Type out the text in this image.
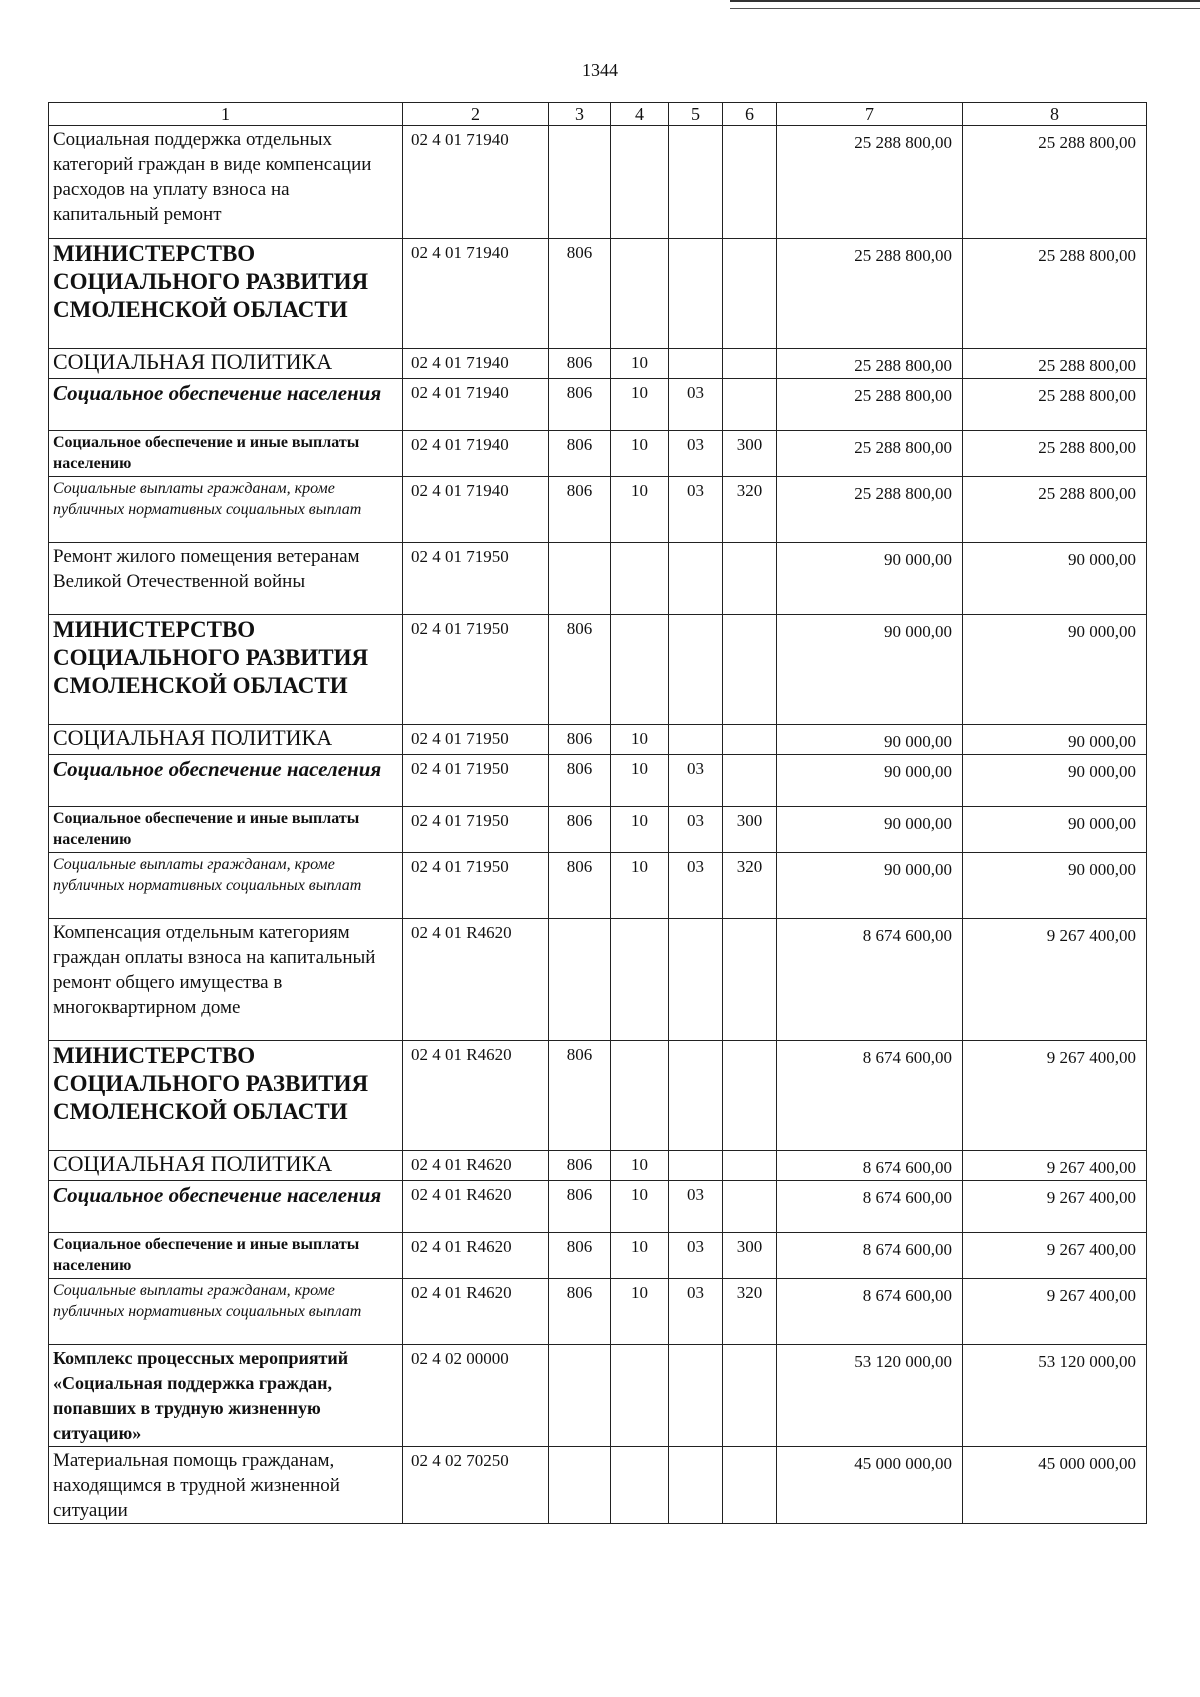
1344
1	2	3	4	5	6	7	8
Социальная поддержка отдельных категорий граждан в виде компенсации расходов на уплату взноса на капитальный ремонт	02 4 01 71940					25 288 800,00	25 288 800,00
МИНИСТЕРСТВО СОЦИАЛЬНОГО РАЗВИТИЯ СМОЛЕНСКОЙ ОБЛАСТИ	02 4 01 71940	806				25 288 800,00	25 288 800,00
СОЦИАЛЬНАЯ ПОЛИТИКА	02 4 01 71940	806	10			25 288 800,00	25 288 800,00
Социальное обеспечение населения	02 4 01 71940	806	10	03		25 288 800,00	25 288 800,00
Социальное обеспечение и иные выплаты населению	02 4 01 71940	806	10	03	300	25 288 800,00	25 288 800,00
Социальные выплаты гражданам, кроме публичных нормативных социальных выплат	02 4 01 71940	806	10	03	320	25 288 800,00	25 288 800,00
Ремонт жилого помещения ветеранам Великой Отечественной войны	02 4 01 71950					90 000,00	90 000,00
МИНИСТЕРСТВО СОЦИАЛЬНОГО РАЗВИТИЯ СМОЛЕНСКОЙ ОБЛАСТИ	02 4 01 71950	806				90 000,00	90 000,00
СОЦИАЛЬНАЯ ПОЛИТИКА	02 4 01 71950	806	10			90 000,00	90 000,00
Социальное обеспечение населения	02 4 01 71950	806	10	03		90 000,00	90 000,00
Социальное обеспечение и иные выплаты населению	02 4 01 71950	806	10	03	300	90 000,00	90 000,00
Социальные выплаты гражданам, кроме публичных нормативных социальных выплат	02 4 01 71950	806	10	03	320	90 000,00	90 000,00
Компенсация отдельным категориям граждан оплаты взноса на капитальный ремонт общего имущества в многоквартирном доме	02 4 01 R4620					8 674 600,00	9 267 400,00
МИНИСТЕРСТВО СОЦИАЛЬНОГО РАЗВИТИЯ СМОЛЕНСКОЙ ОБЛАСТИ	02 4 01 R4620	806				8 674 600,00	9 267 400,00
СОЦИАЛЬНАЯ ПОЛИТИКА	02 4 01 R4620	806	10			8 674 600,00	9 267 400,00
Социальное обеспечение населения	02 4 01 R4620	806	10	03		8 674 600,00	9 267 400,00
Социальное обеспечение и иные выплаты населению	02 4 01 R4620	806	10	03	300	8 674 600,00	9 267 400,00
Социальные выплаты гражданам, кроме публичных нормативных социальных выплат	02 4 01 R4620	806	10	03	320	8 674 600,00	9 267 400,00
Комплекс процессных мероприятий «Социальная поддержка граждан, попавших в трудную жизненную ситуацию»	02 4 02 00000					53 120 000,00	53 120 000,00
Материальная помощь гражданам, находящимся в трудной жизненной ситуации	02 4 02 70250					45 000 000,00	45 000 000,00
